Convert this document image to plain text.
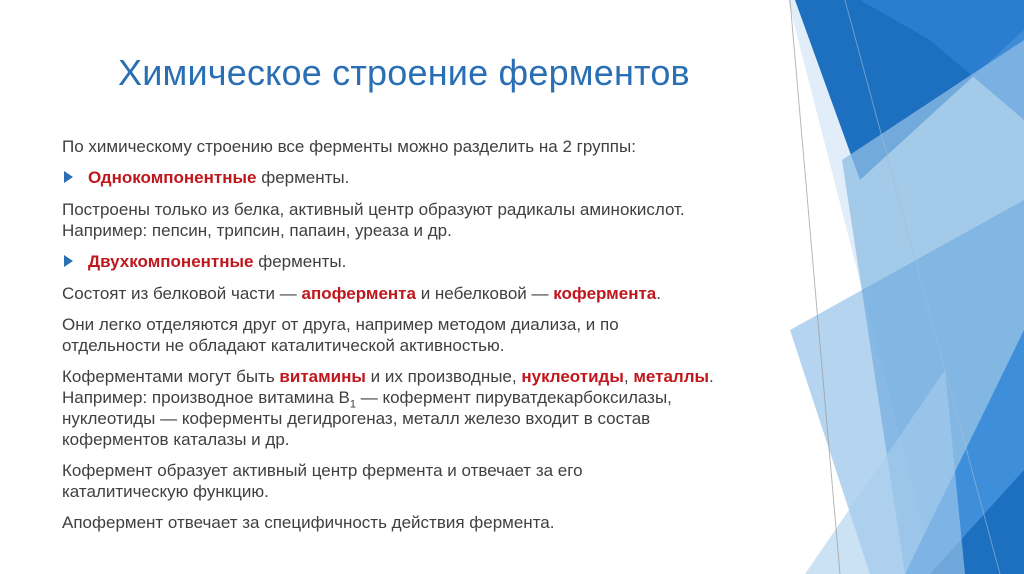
Химическое строение ферментов

По химическому строению все ферменты можно разделить на 2 группы:

Однокомпонентные ферменты.

Построены только из белка, активный центр образуют радикалы аминокислот.
Например: пепсин, трипсин, папаин, уреаза и др.

Двухкомпонентные ферменты.

Состоят из белковой части — апофермента и небелковой — кофермента.

Они легко отделяются друг от друга, например методом диализа, и по
отдельности не обладают каталитической активностью.

Коферментами могут быть витамины и их производные, нуклеотиды, металлы.
Например: производное витамина $В_1$ — кофермент пируватдекарбоксилазы,
нуклеотиды — коферменты дегидрогеназ, металл железо входит в состав
коферментов каталазы и др.

Кофермент образует активный центр фермента и отвечает за его
каталитическую функцию.

Апофермент отвечает за специфичность действия фермента.
